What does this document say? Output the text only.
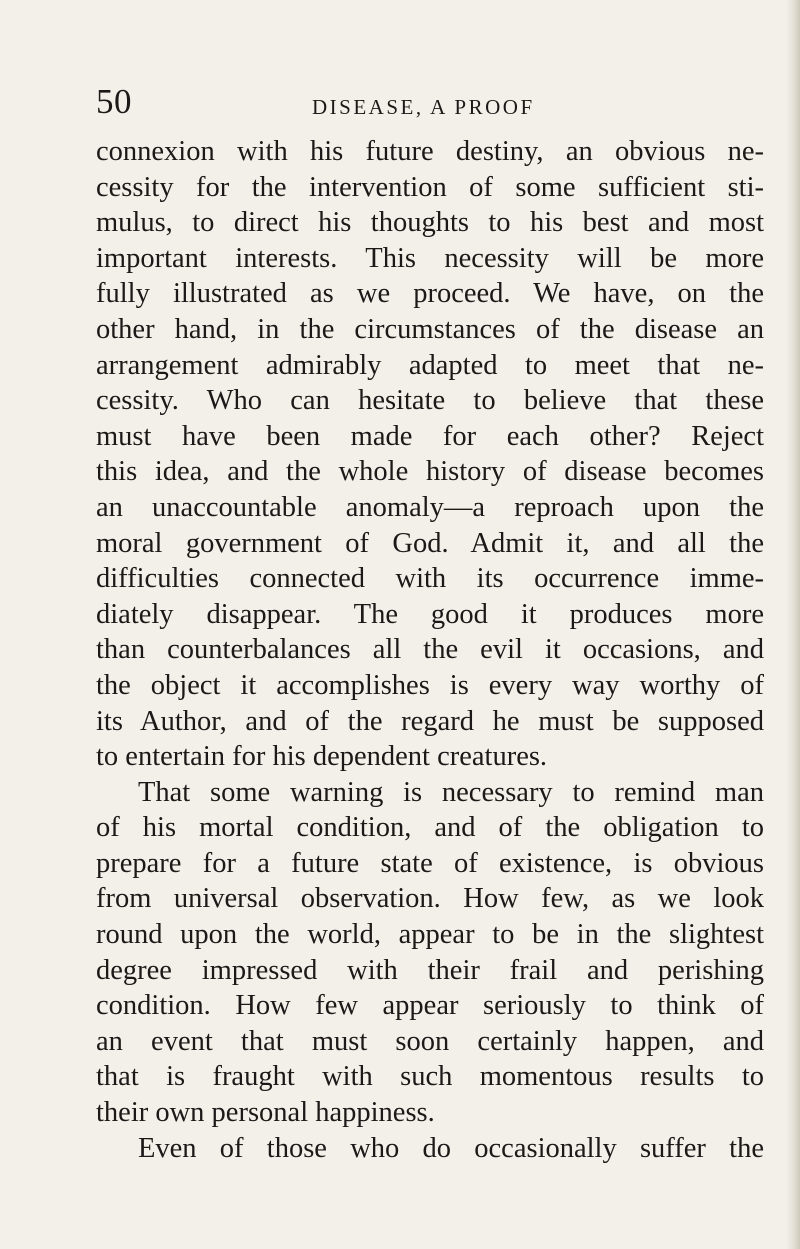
50	DISEASE, A PROOF
connexion with his future destiny, an obvious ne-
cessity for the intervention of some sufficient sti-
mulus, to direct his thoughts to his best and most
important interests. This necessity will be more
fully illustrated as we proceed. We have, on the
other hand, in the circumstances of the disease an
arrangement admirably adapted to meet that ne-
cessity. Who can hesitate to believe that these
must have been made for each other? Reject
this idea, and the whole history of disease becomes
an unaccountable anomaly—a reproach upon the
moral government of God. Admit it, and all the
difficulties connected with its occurrence imme-
diately disappear. The good it produces more
than counterbalances all the evil it occasions, and
the object it accomplishes is every way worthy of
its Author, and of the regard he must be supposed
to entertain for his dependent creatures.
That some warning is necessary to remind man
of his mortal condition, and of the obligation to
prepare for a future state of existence, is obvious
from universal observation. How few, as we look
round upon the world, appear to be in the slightest
degree impressed with their frail and perishing
condition. How few appear seriously to think of
an event that must soon certainly happen, and
that is fraught with such momentous results to
their own personal happiness.
Even of those who do occasionally suffer the
